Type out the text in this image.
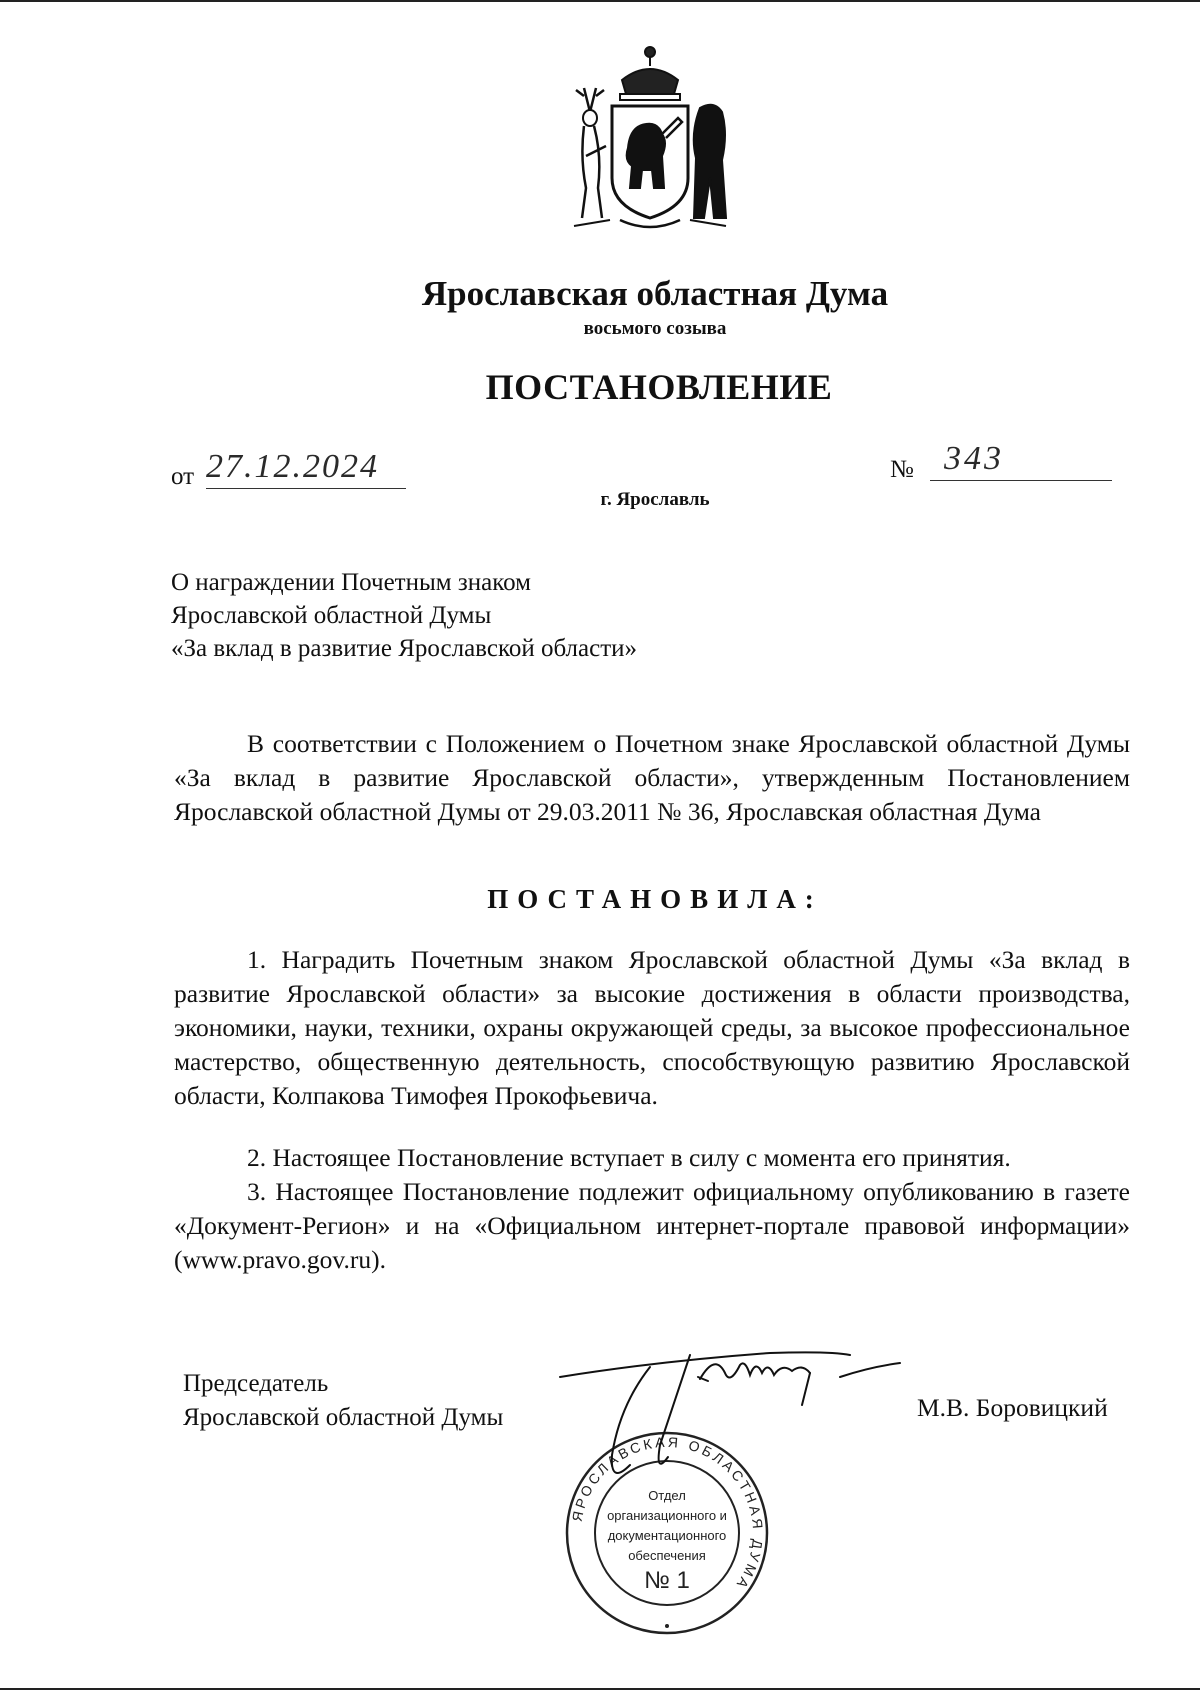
Ярославская областная Дума
восьмого созыва
ПОСТАНОВЛЕНИЕ
от 27.12.2024	№ 343
г. Ярославль
О награждении Почетным знаком
Ярославской областной Думы
«За вклад в развитие Ярославской области»
В соответствии с Положением о Почетном знаке Ярославской областной Думы «За вклад в развитие Ярославской области», утвержденным Постановлением Ярославской областной Думы от 29.03.2011 № 36, Ярославская областная Дума
ПОСТАНОВИЛА:
1. Наградить Почетным знаком Ярославской областной Думы «За вклад в развитие Ярославской области» за высокие достижения в области производства, экономики, науки, техники, охраны окружающей среды, за высокое профессиональное мастерство, общественную деятельность, способствующую развитию Ярославской области, Колпакова Тимофея Прокофьевича.
2. Настоящее Постановление вступает в силу с момента его принятия.
3. Настоящее Постановление подлежит официальному опубликованию в газете «Документ-Регион» и на «Официальном интернет-портале правовой информации» (www.pravo.gov.ru).
Председатель
Ярославской областной Думы
ЯРОСЛАВСКАЯ ОБЛАСТНАЯ ДУМА
Отдел
организационного и
документационного
обеспечения
№ 1
М.В. Боровицкий
